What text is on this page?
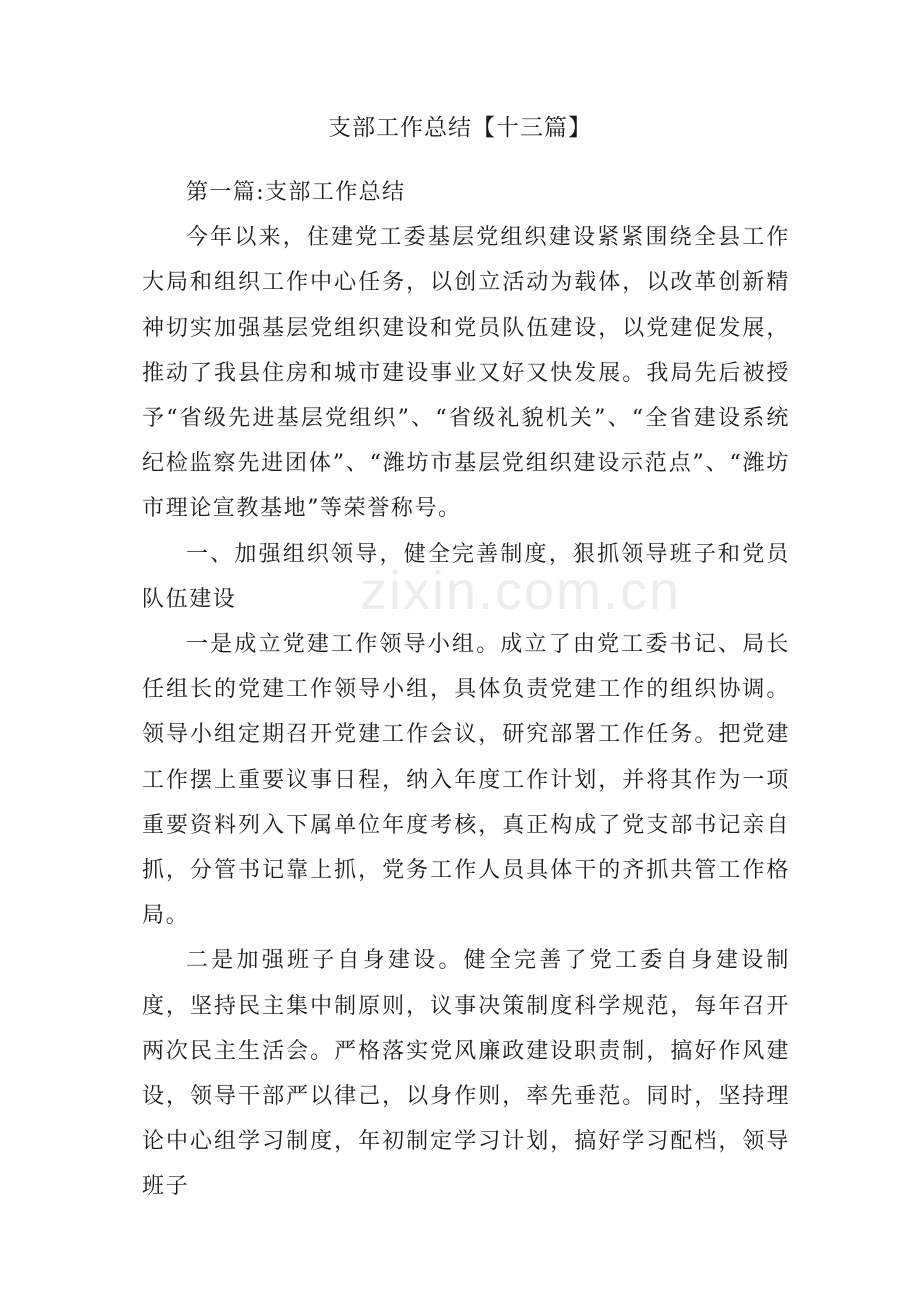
zixin.com.cn
支部工作总结【十三篇】

第一篇:支部工作总结

今年以来，住建党工委基层党组织建设紧紧围绕全县工作大局和组织工作中心任务，以创立活动为载体，以改革创新精神切实加强基层党组织建设和党员队伍建设，以党建促发展，推动了我县住房和城市建设事业又好又快发展。我局先后被授予“省级先进基层党组织”、“省级礼貌机关”、“全省建设系统纪检监察先进团体”、“潍坊市基层党组织建设示范点”、“潍坊市理论宣教基地”等荣誉称号。

一、加强组织领导，健全完善制度，狠抓领导班子和党员队伍建设

一是成立党建工作领导小组。成立了由党工委书记、局长任组长的党建工作领导小组，具体负责党建工作的组织协调。领导小组定期召开党建工作会议，研究部署工作任务。把党建工作摆上重要议事日程，纳入年度工作计划，并将其作为一项重要资料列入下属单位年度考核，真正构成了党支部书记亲自抓，分管书记靠上抓，党务工作人员具体干的齐抓共管工作格局。

二是加强班子自身建设。健全完善了党工委自身建设制度，坚持民主集中制原则，议事决策制度科学规范，每年召开两次民主生活会。严格落实党风廉政建设职责制，搞好作风建设，领导干部严以律己，以身作则，率先垂范。同时，坚持理论中心组学习制度，年初制定学习计划，搞好学习配档，领导班子
